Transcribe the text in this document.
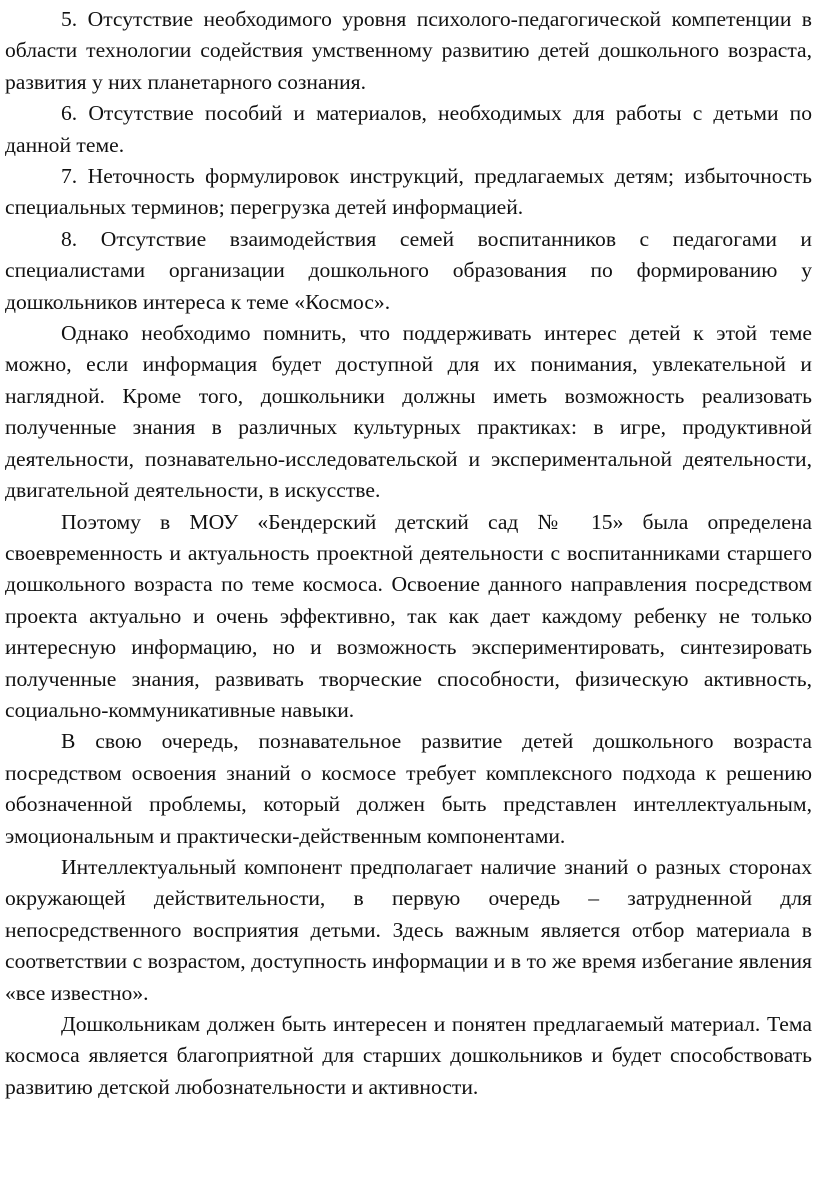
5. Отсутствие необходимого уровня психолого-педагогической компетенции в области технологии содействия умственному развитию детей дошкольного возраста, развития у них планетарного сознания.

6. Отсутствие пособий и материалов, необходимых для работы с детьми по данной теме.

7. Неточность формулировок инструкций, предлагаемых детям; избыточность специальных терминов; перегрузка детей информацией.

8. Отсутствие взаимодействия семей воспитанников с педагогами и специалистами организации дошкольного образования по формированию у дошкольников интереса к теме «Космос».

Однако необходимо помнить, что поддерживать интерес детей к этой теме можно, если информация будет доступной для их понимания, увлекательной и наглядной. Кроме того, дошкольники должны иметь возможность реализовать полученные знания в различных культурных практиках: в игре, продуктивной деятельности, познавательно-исследовательской и экспериментальной деятельности, двигательной деятельности, в искусстве.

Поэтому в МОУ «Бендерский детский сад № 15» была определена своевременность и актуальность проектной деятельности с воспитанниками старшего дошкольного возраста по теме космоса. Освоение данного направления посредством проекта актуально и очень эффективно, так как дает каждому ребенку не только интересную информацию, но и возможность экспериментировать, синтезировать полученные знания, развивать творческие способности, физическую активность, социально-коммуникативные навыки.

В свою очередь, познавательное развитие детей дошкольного возраста посредством освоения знаний о космосе требует комплексного подхода к решению обозначенной проблемы, который должен быть представлен интеллектуальным, эмоциональным и практически-действенным компонентами.

Интеллектуальный компонент предполагает наличие знаний о разных сторонах окружающей действительности, в первую очередь – затрудненной для непосредственного восприятия детьми. Здесь важным является отбор материала в соответствии с возрастом, доступность информации и в то же время избегание явления «все известно».

Дошкольникам должен быть интересен и понятен предлагаемый материал. Тема космоса является благоприятной для старших дошкольников и будет способствовать развитию детской любознательности и активности.
